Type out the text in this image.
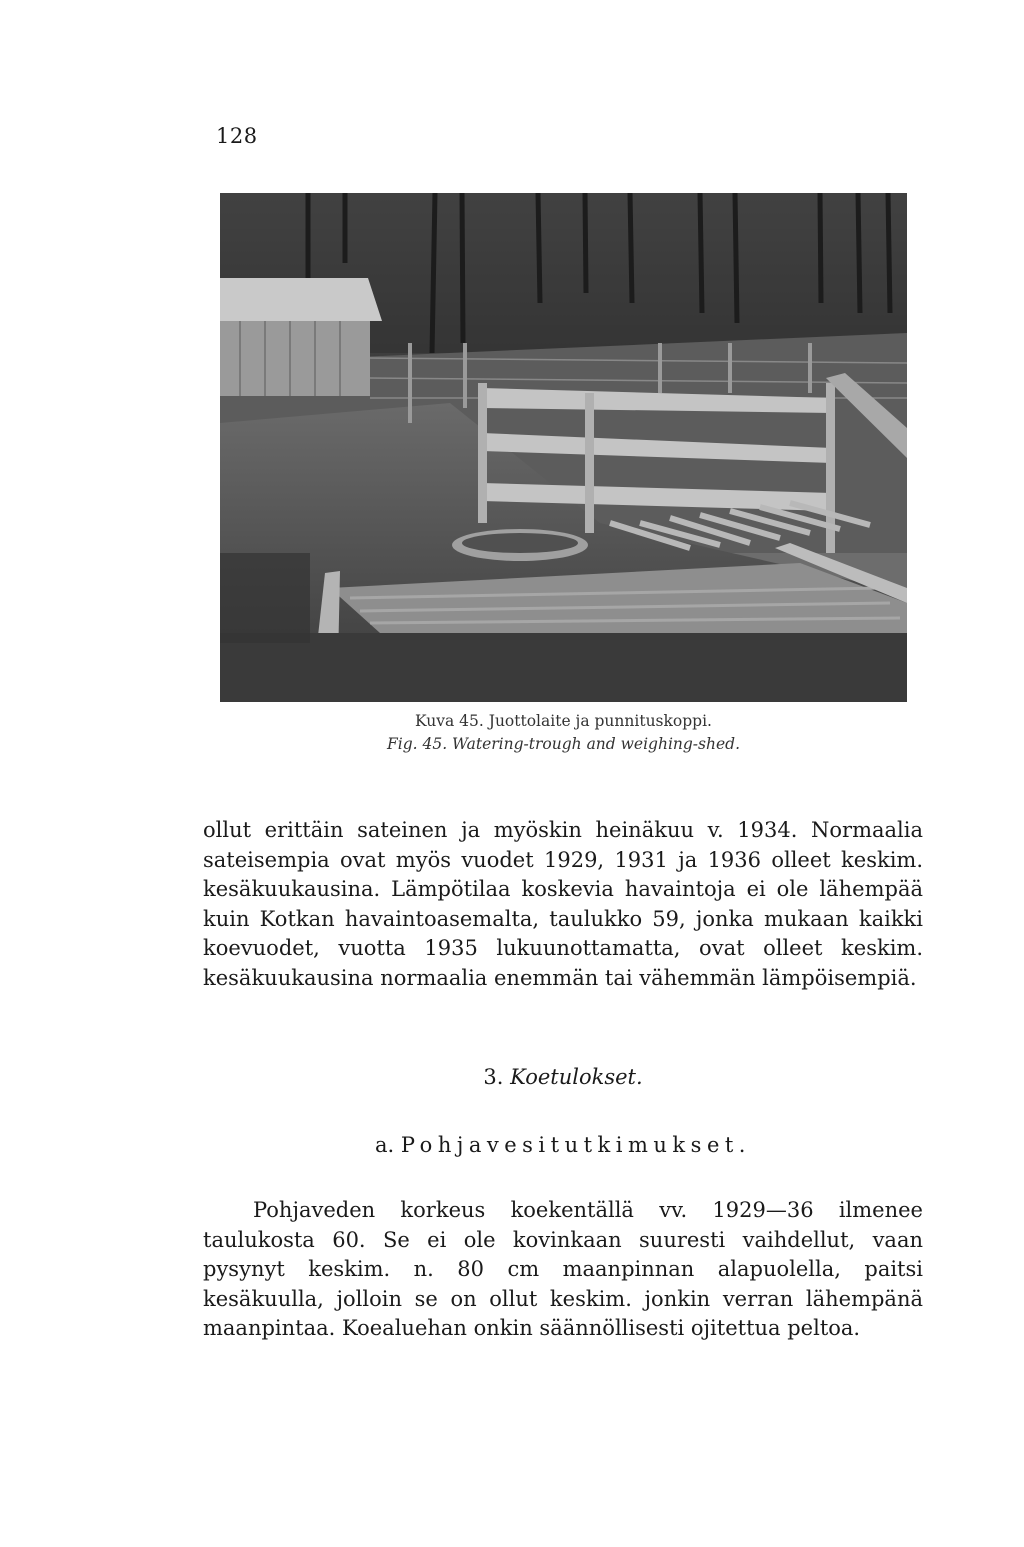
128
Kuva 45. Juottolaite ja punnituskoppi.
Fig. 45. Watering-trough and weighing-shed.
ollut erittäin sateinen ja myöskin heinäkuu v. 1934. Normaalia sateisempia ovat myös vuodet 1929, 1931 ja 1936 olleet keskim. kesäkuukausina. Lämpötilaa koskevia havaintoja ei ole lähempää kuin Kotkan havaintoasemalta, taulukko 59, jonka mukaan kaikki koevuodet, vuotta 1935 lukuunottamatta, ovat olleet keskim. kesäkuukausina normaalia enemmän tai vähemmän lämpöisempiä.
3. Koetulokset.
a. Pohjavesitutkimukset.
Pohjaveden korkeus koekentällä vv. 1929—36 ilmenee taulukosta 60. Se ei ole kovinkaan suuresti vaihdellut, vaan pysynyt keskim. n. 80 cm maanpinnan alapuolella, paitsi kesäkuulla, jolloin se on ollut keskim. jonkin verran lähempänä maanpintaa. Koealuehan onkin säännöllisesti ojitettua peltoa.
